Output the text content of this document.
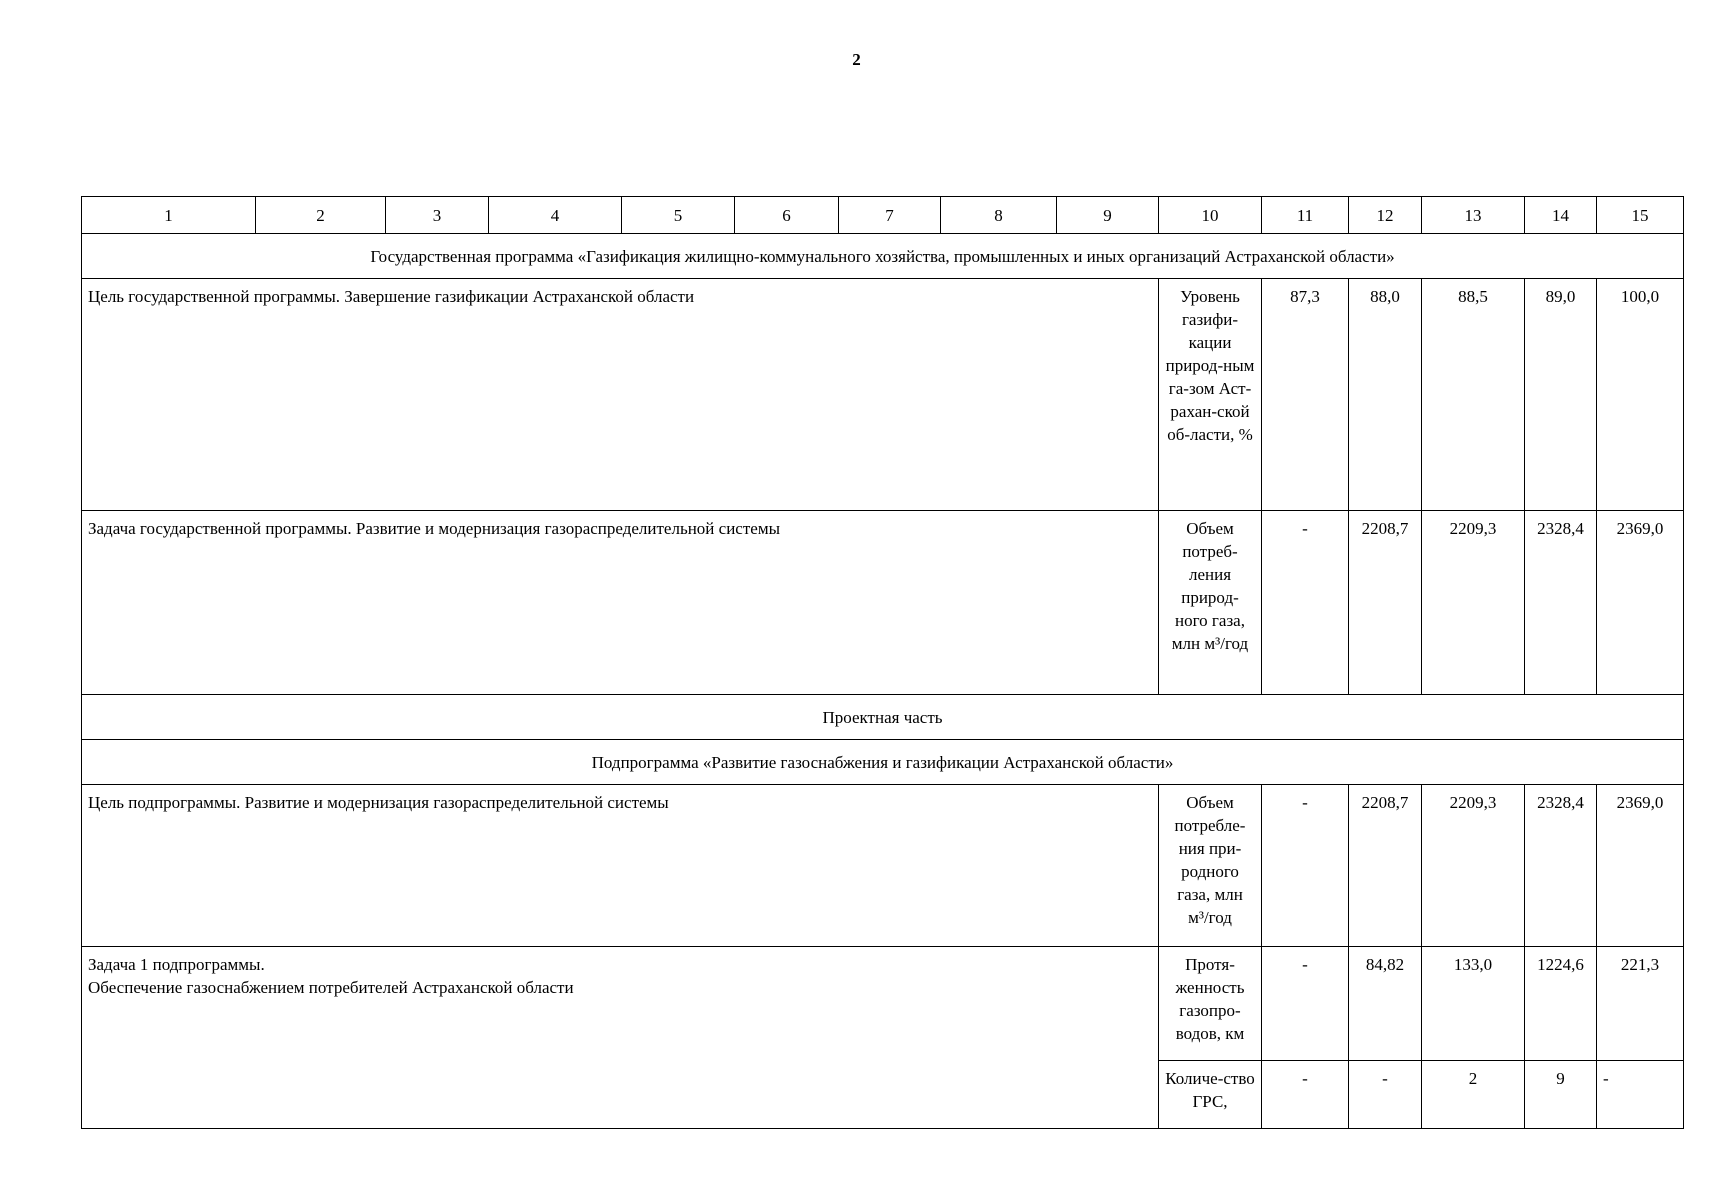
2
1	2	3	4	5	6	7	8	9	10	11	12	13	14	15
Государственная программа «Газификация жилищно-коммунального хозяйства, промышленных и иных организаций Астраханской области»														
Цель государственной программы. Завершение газификации Астраханской области									Уровень газифи-кации природ-ным га-зом Аст-рахан-ской об-ласти, %	87,3	88,0	88,5	89,0	100,0
Задача государственной программы. Развитие и модернизация газораспределительной системы									Объем потреб-ления природ-ного газа, млн м³/год	-	2208,7	2209,3	2328,4	2369,0
Проектная часть														
Подпрограмма «Развитие газоснабжения и газификации Астраханской области»														
Цель подпрограммы. Развитие и модернизация газораспределительной системы									Объем потребле-ния при-родного газа, млн м³/год	-	2208,7	2209,3	2328,4	2369,0

Задача 1 подпрограммы.
Обеспечение газоснабжением потребителей Астраханской области									Протя-женность газопро-водов, км	-	84,82	133,0	1224,6	221,3
									Количе-ство ГРС,	-	-	2	9	-
